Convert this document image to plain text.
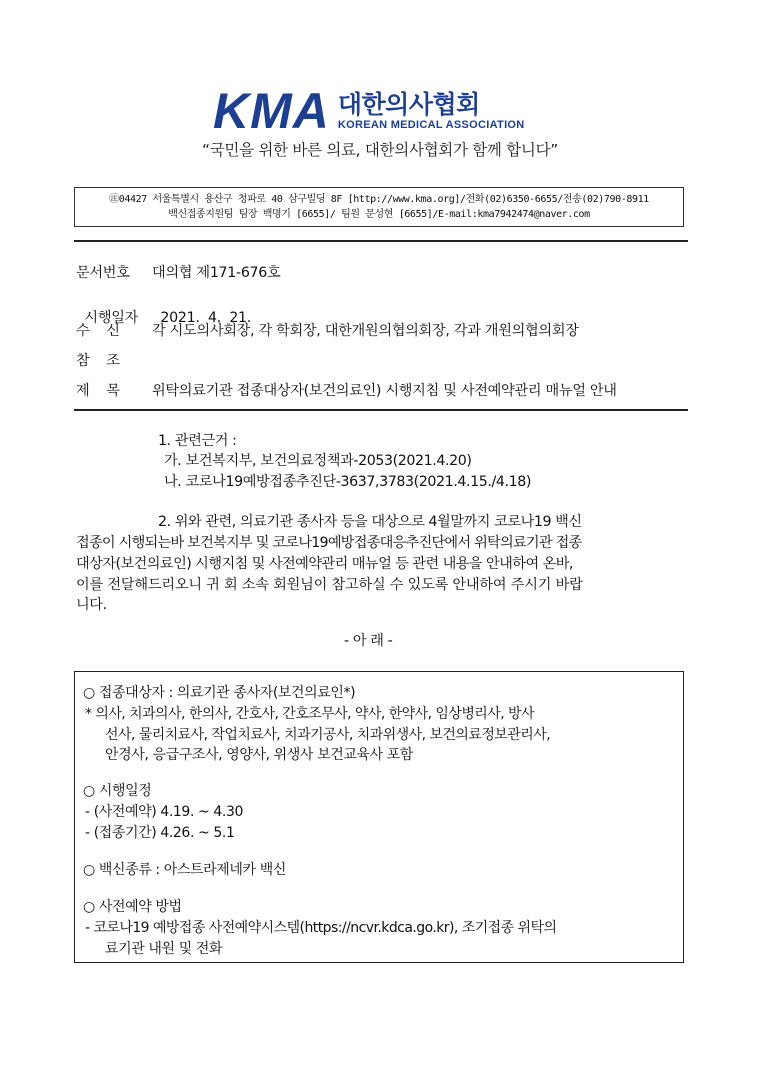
KMA 대한의사협회
KOREAN MEDICAL ASSOCIATION
“국민을 위한 바른 의료, 대한의사협회가 함께 합니다”
㊟04427 서울특별시 용산구 청파로 40 삼구빌딩 8F [http://www.kma.org]/전화(02)6350-6655/전송(02)790-8911
백신접종지원팀 팀장 백명기 [6655]/ 팀원 문성현 [6655]/E-mail:kma7942474@naver.com
문서번호 대의협 제171-676호

시행일자 2021.  4.  21.

수    신 각 시도의사회장, 각 학회장, 대한개원의협의회장, 각과 개원의협의회장
참    조
제    목 위탁의료기관 접종대상자(보건의료인) 시행지침 및 사전예약관리 매뉴얼 안내
1. 관련근거 :
가. 보건복지부, 보건의료정책과-2053(2021.4.20)
나. 코로나19예방접종추진단-3637,3783(2021.4.15./4.18)
2. 위와 관련, 의료기관 종사자 등을 대상으로 4월말까지 코로나19 백신
접종이 시행되는바 보건복지부 및 코로나19예방접종대응추진단에서 위탁의료기관 접종
대상자(보건의료인) 시행지침 및 사전예약관리 매뉴얼 등 관련 내용을 안내하여 온바,
이를 전달해드리오니 귀 회 소속 회원님이 참고하실 수 있도록 안내하여 주시기 바랍
니다.
- 아 래 -
○ 접종대상자 : 의료기관 종사자(보건의료인*)
* 의사, 치과의사, 한의사, 간호사, 간호조무사, 약사, 한약사, 임상병리사, 방사
선사, 물리치료사, 작업치료사, 치과기공사, 치과위생사, 보건의료정보관리사,
안경사, 응급구조사, 영양사, 위생사 보건교육사 포함
○ 시행일정
- (사전예약) 4.19. ~ 4.30
- (접종기간) 4.26. ~ 5.1
○ 백신종류 : 아스트라제네카 백신
○ 사전예약 방법
- 코로나19 예방접종 사전예약시스템(https://ncvr.kdca.go.kr), 조기접종 위탁의
료기관 내원 및 전화
